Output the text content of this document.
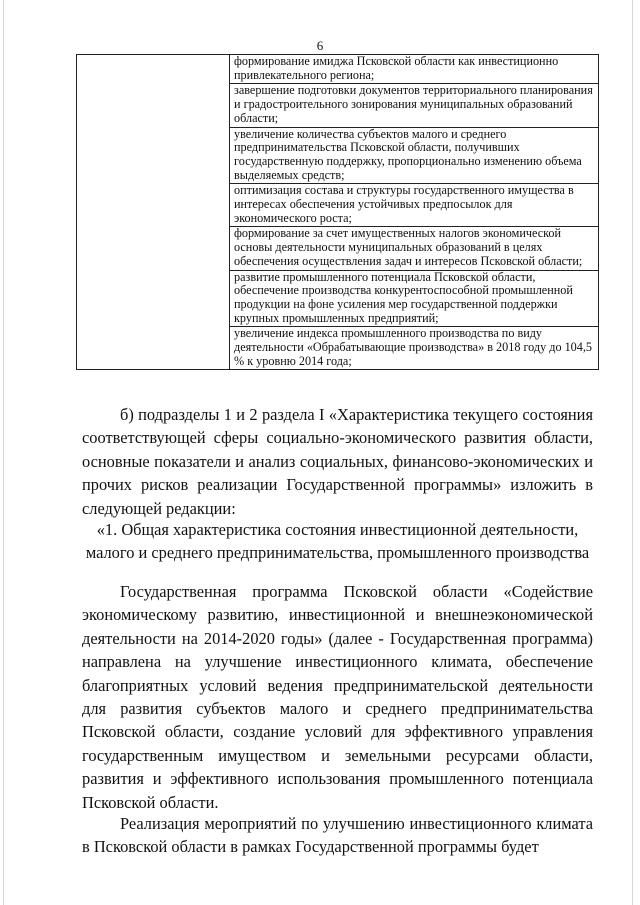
6

формирование имиджа Псковской области как инвестиционно привлекательного региона;
завершение подготовки документов территориального планирования и градостроительного зонирования муниципальных образований области;
увеличение количества субъектов малого и среднего предпринимательства Псковской области, получивших государственную поддержку, пропорционально изменению объема выделяемых средств;
оптимизация состава и структуры государственного имущества в интересах обеспечения устойчивых предпосылок для экономического роста;
формирование за счет имущественных налогов экономической основы деятельности муниципальных образований в целях обеспечения осуществления задач и интересов Псковской области;
развитие промышленного потенциала Псковской области, обеспечение производства конкурентоспособной промышленной продукции на фоне усиления мер государственной поддержки крупных промышленных предприятий;
увеличение индекса промышленного производства по виду деятельности «Обрабатывающие производства» в 2018 году до 104,5 % к уровню 2014 года;

б) подразделы 1 и 2 раздела I «Характеристика текущего состояния соответствующей сферы социально-экономического развития области, основные показатели и анализ социальных, финансово-экономических и прочих рисков реализации Государственной программы» изложить в следующей редакции:

«1. Общая характеристика состояния инвестиционной деятельности, малого и среднего предпринимательства, промышленного производства

Государственная программа Псковской области «Содействие экономическому развитию, инвестиционной и внешнеэкономической деятельности на 2014-2020 годы» (далее - Государственная программа) направлена на улучшение инвестиционного климата, обеспечение благоприятных условий ведения предпринимательской деятельности для развития субъектов малого и среднего предпринимательства Псковской области, создание условий для эффективного управления государственным имуществом и земельными ресурсами области, развития и эффективного использования промышленного потенциала Псковской области.

Реализация мероприятий по улучшению инвестиционного климата в Псковской области в рамках Государственной программы будет
